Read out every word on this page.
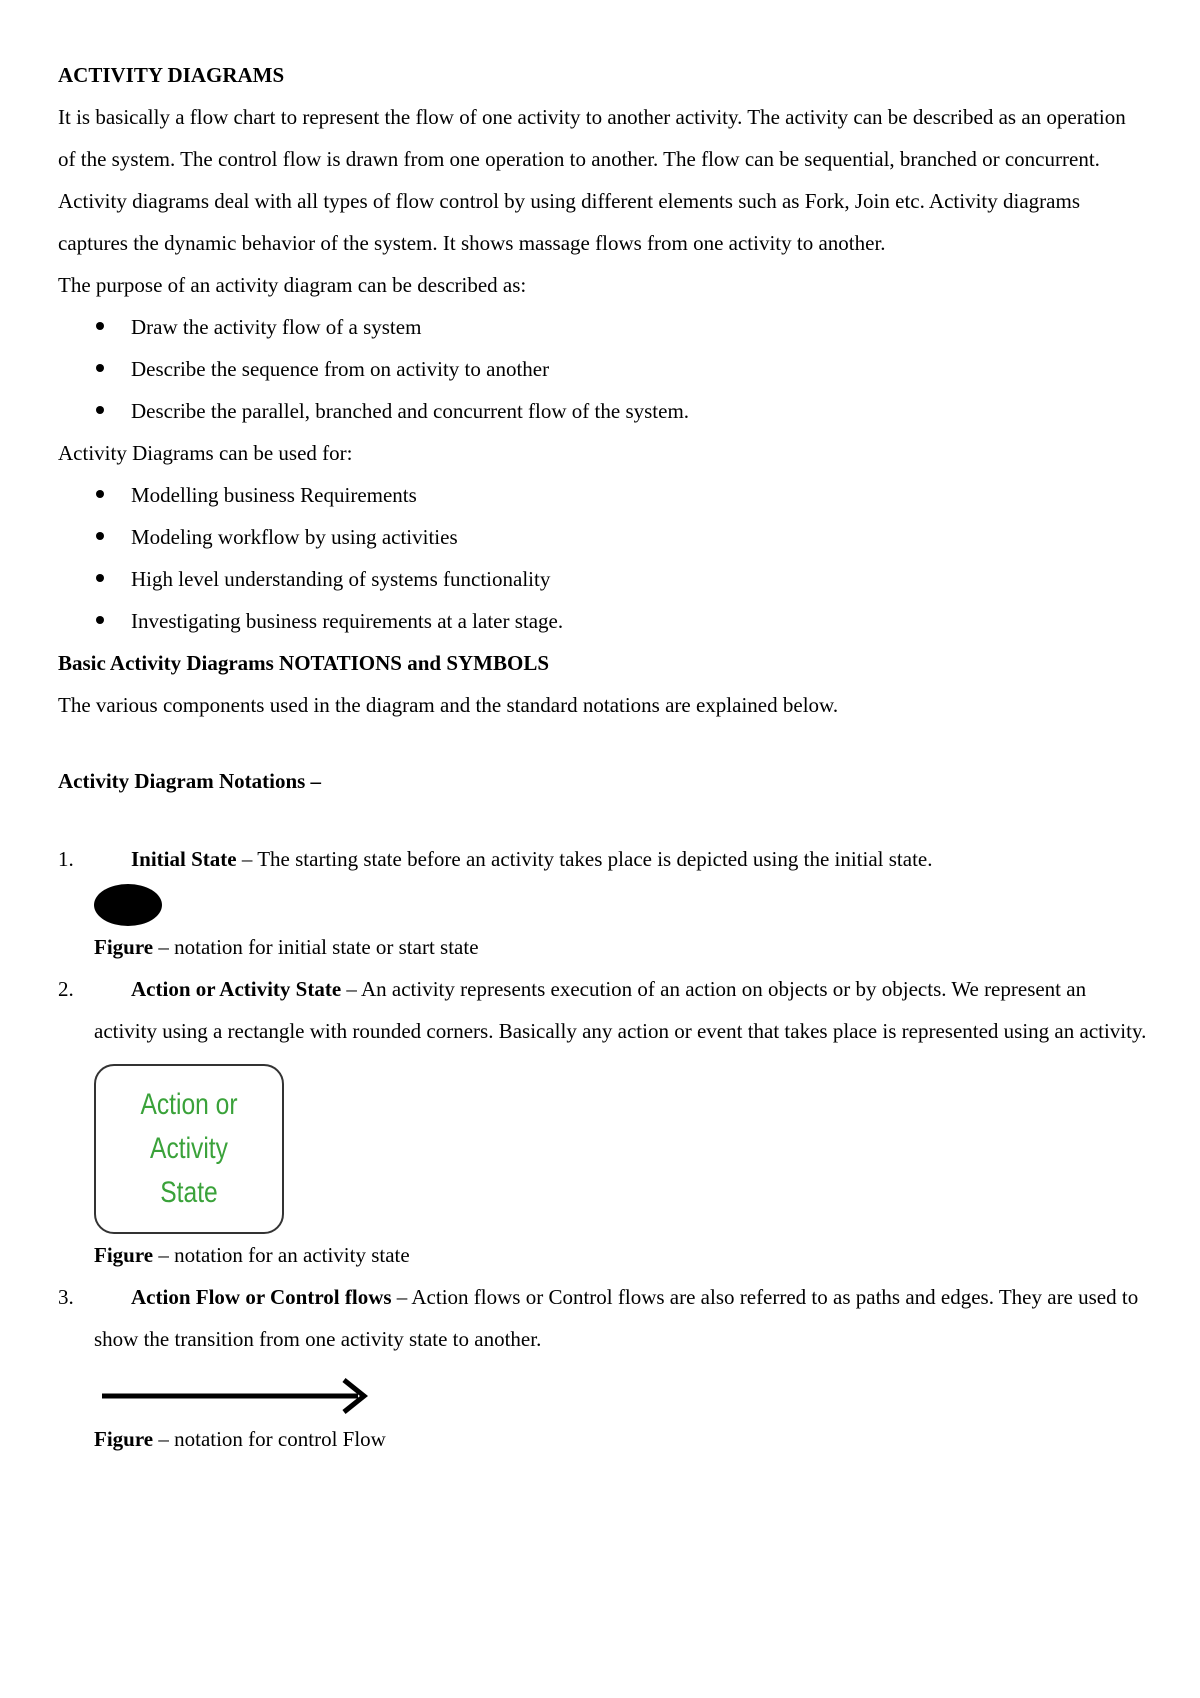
ACTIVITY DIAGRAMS

It is basically a flow chart to represent the flow of one activity to another activity. The activity can be described as an operation of the system. The control flow is drawn from one operation to another. The flow can be sequential, branched or concurrent. Activity diagrams deal with all types of flow control by using different elements such as Fork, Join etc. Activity diagrams captures the dynamic behavior of the system. It shows massage flows from one activity to another.

The purpose of an activity diagram can be described as:

Draw the activity flow of a system
Describe the sequence from on activity to another
Describe the parallel, branched and concurrent flow of the system.

Activity Diagrams can be used for:

Modelling business Requirements
Modeling workflow by using activities
High level understanding of systems functionality
Investigating business requirements at a later stage.

Basic Activity Diagrams NOTATIONS and SYMBOLS

The various components used in the diagram and the standard notations are explained below.

Activity Diagram Notations –

1.	Initial State – The starting state before an activity takes place is depicted using the initial state.

Figure – notation for initial state or start state

2.	Action or Activity State – An activity represents execution of an action on objects or by objects. We represent an activity using a rectangle with rounded corners. Basically any action or event that takes place is represented using an activity.

Action or Activity
State

Figure – notation for an activity state

3.	Action Flow or Control flows – Action flows or Control flows are also referred to as paths and edges. They are used to show the transition from one activity state to another.

Figure – notation for control Flow
